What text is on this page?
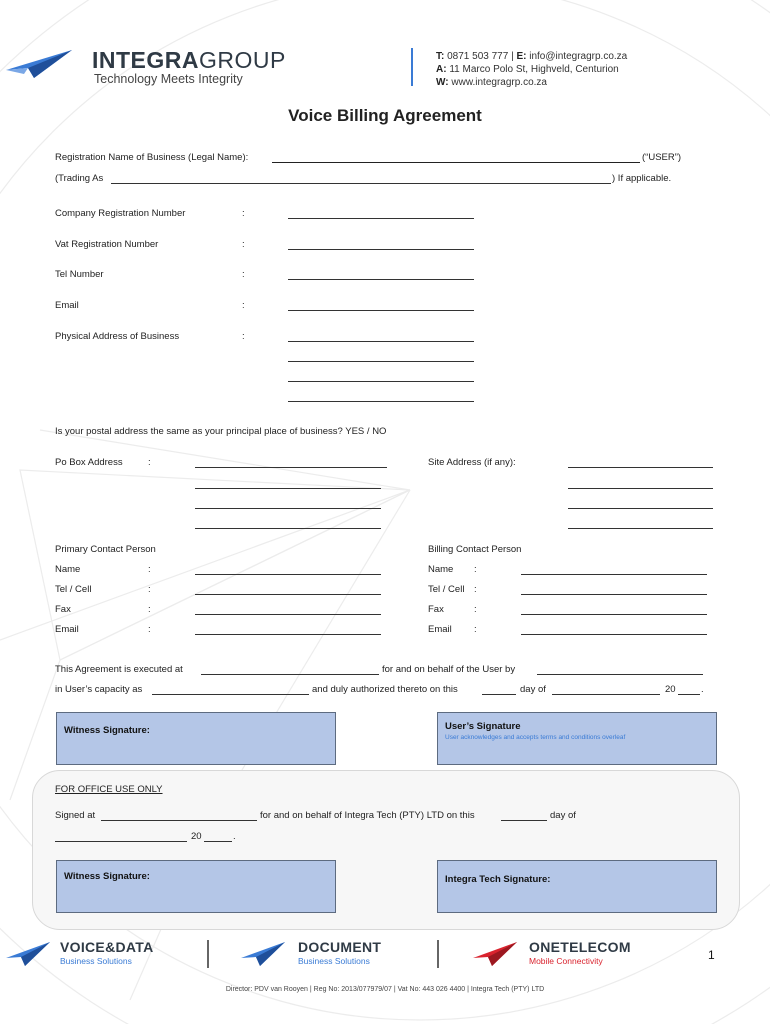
INTEGRAGROUP
Technology Meets Integrity
T: 0871 503 777 | E: info@integragrp.co.za
A: 11 Marco Polo St, Highveld, Centurion
W: www.integragrp.co.za
Voice Billing Agreement
Registration Name of Business (Legal Name):	(“USER”)
(Trading As	) If applicable.
Company Registration Number	:
Vat Registration Number	:
Tel Number	:
Email	:
Physical Address of Business	:
Is your postal address the same as your principal place of business? YES / NO
Po Box Address	:	Site Address (if any):
Primary Contact Person	Billing Contact Person
Name	:	Name :
Tel / Cell	:	Tel / Cell :
Fax	:	Fax	:
Email	:	Email :
This Agreement is executed at	for and on behalf of the User by
in User’s capacity as	and duly authorized thereto on this	day of	20	.
Witness Signature:	User’s Signature
User acknowledges and accepts terms and conditions overleaf
FOR OFFICE USE ONLY
Signed at	for and on behalf of Integra Tech (PTY) LTD on this	day of
20	.
Witness Signature:	Integra Tech Signature:
VOICE&DATA
Business Solutions
DOCUMENT
Business Solutions
ONETELECOM
Mobile Connectivity	1
Director: PDV van Rooyen | Reg No: 2013/077979/07 | Vat No: 443 026 4400 | Integra Tech (PTY) LTD
